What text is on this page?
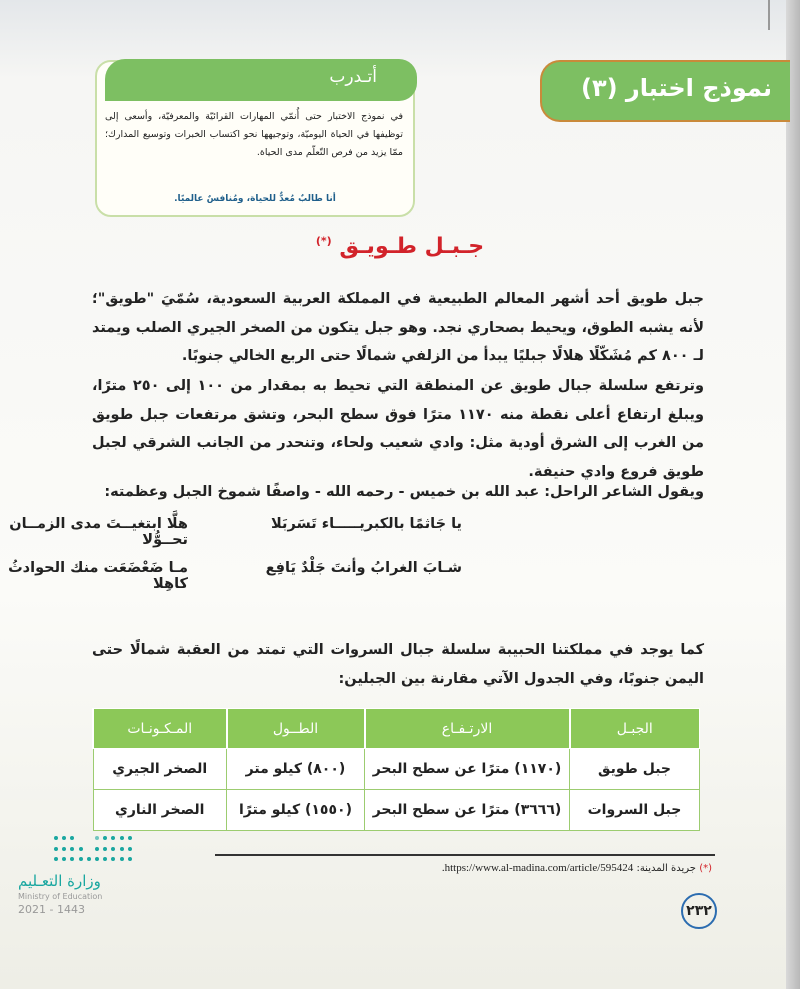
نموذج اختبار (٣)
أتـدرب
في نموذج الاختبار حتى أُنمّي المهارات القرائيّة والمعرفيّة، وأسعى إلى توظيفها في الحياة اليوميّة، وتوجيهها نحو اكتساب الخبرات وتوسيع المدارك؛ ممّا يزيد من فرص التّعلّم مدى الحياة.
أنا طالبٌ مُعدٌّ للحياة، ومُنافسٌ عالميًا.
جـبـل طـويـق (*)

جبل طويق أحد أشهر المعالم الطبيعية في المملكة العربية السعودية، سُمّيَ "طويق"؛ لأنه يشبه الطوق، ويحيط بصحاري نجد. وهو جبل يتكون من الصخر الجيري الصلب ويمتد لـ ٨٠٠ كم مُشَكّلًا هلالًا جبليًا يبدأ من الزلفي شمالًا حتى الربع الخالي جنوبًا.

وترتفع سلسلة جبال طويق عن المنطقة التي تحيط به بمقدار من ١٠٠ إلى ٢٥٠ مترًا، ويبلغ ارتفاع أعلى نقطة منه ١١٧٠ مترًا فوق سطح البحر، وتشق مرتفعات جبل طويق من الغرب إلى الشرق أودية مثل: وادي شعيب ولحاء، وتنحدر من الجانب الشرقي لجبل طويق فروع وادي حنيفة.

ويقول الشاعر الراحل: عبد الله بن خميس - رحمه الله - واصفًا شموخ الجبل وعظمته:

يا جَاثمًا بالكبريـــــاء تَسَربَلا
هلَّا ابتغيــتَ مدى الزمــان تحــوُّلا
شـابَ الغرابُ وأنتَ جَلْدٌ يَافِع
مـا ضَعْضَعَت منك الحوادثُ كاهِلا

كما يوجد في مملكتنا الحبيبة سلسلة جبال السروات التي تمتد من العقبة شمالًا حتى اليمن جنوبًا، وفي الجدول الآتي مقارنة بين الجبلين:

الجبـل	الارتـفـاع	الطــول	المـكـونـات
جبل طويق	(١١٧٠) مترًا عن سطح البحر	(٨٠٠) كيلو متر	الصخر الجيري
جبل السروات	(٣٦٦٦) مترًا عن سطح البحر	(١٥٥٠) كيلو مترًا	الصخر الناري
(*) جريدة المدينة: https://www.al-madina.com/article/595424.
٢٣٢
وزارة التعـليم
Ministry of Education
2021 - 1443
